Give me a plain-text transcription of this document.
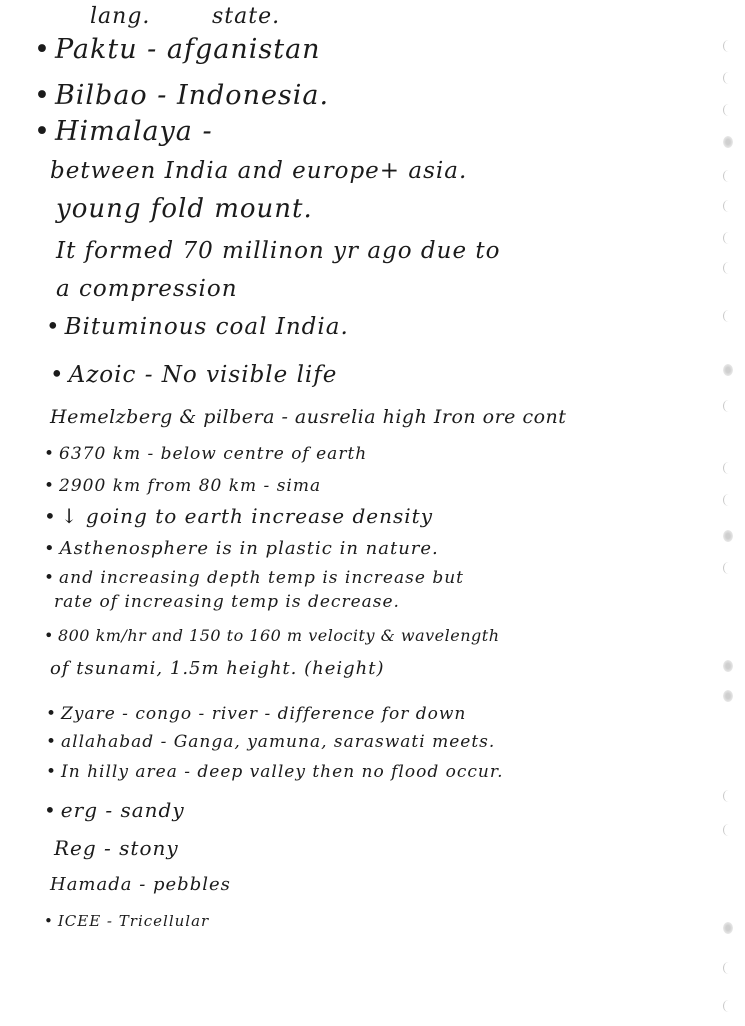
lang.	state.

• Paktu - afganistan

• Bilbao - Indonesia.

• Himalaya -

between India and europe+ asia.

young fold mount.

It formed 70 millinon yr ago due to

a compression

• Bituminous coal India.

• Azoic - No visible life

Hemelzberg & pilbera - ausrelia high Iron ore cont

• 6370 km - below centre of earth

• 2900 km from 80 km - sima

• ↓ going to earth increase density

• Asthenosphere is in plastic in nature.

• and increasing depth temp is increase but

rate of increasing temp is decrease.

• 800 km/hr and 150 to 160 m velocity & wavelength

of tsunami, 1.5m height. (height)

• Zyare - congo - river - difference for down

• allahabad - Ganga, yamuna, saraswati meets.

• In hilly area - deep valley then no flood occur.

• erg - sandy

Reg - stony

Hamada - pebbles

• ICEE - Tricellular
